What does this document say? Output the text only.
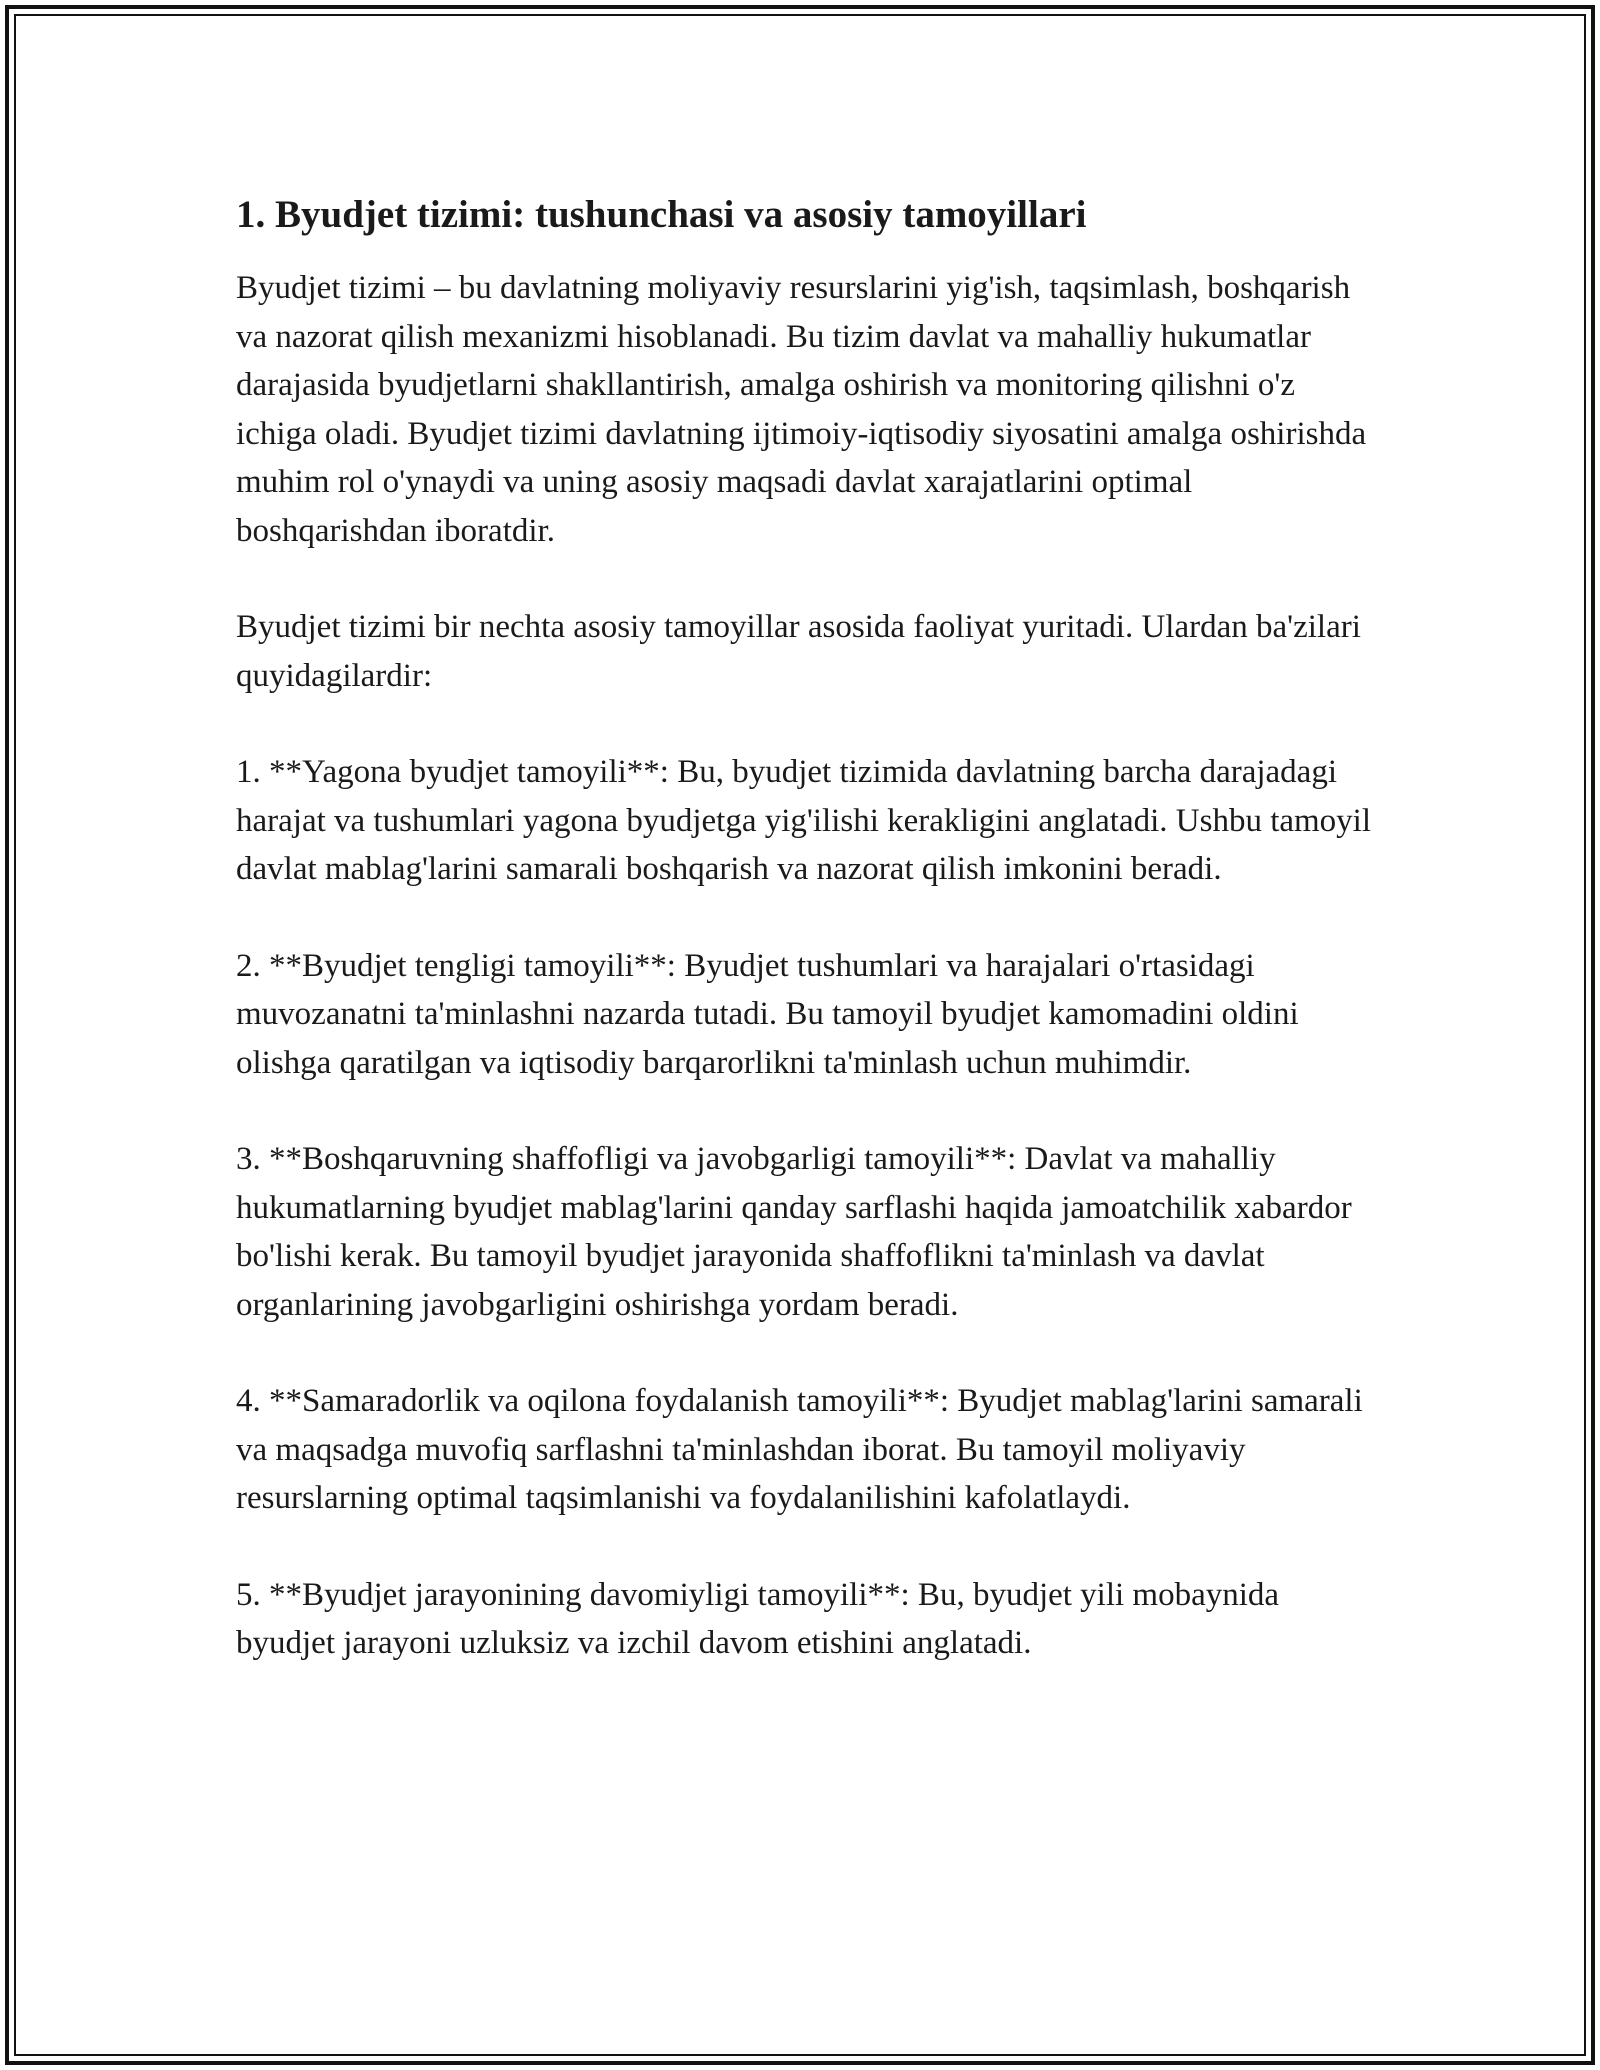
1. Byudjet tizimi: tushunchasi va asosiy tamoyillari

Byudjet tizimi – bu davlatning moliyaviy resurslarini yig'ish, taqsimlash, boshqarish va nazorat qilish mexanizmi hisoblanadi. Bu tizim davlat va mahalliy hukumatlar darajasida byudjetlarni shakllantirish, amalga oshirish va monitoring qilishni o'z ichiga oladi. Byudjet tizimi davlatning ijtimoiy-iqtisodiy siyosatini amalga oshirishda muhim rol o'ynaydi va uning asosiy maqsadi davlat xarajatlarini optimal boshqarishdan iboratdir.

Byudjet tizimi bir nechta asosiy tamoyillar asosida faoliyat yuritadi. Ulardan ba'zilari quyidagilardir:

1. **Yagona byudjet tamoyili**: Bu, byudjet tizimida davlatning barcha darajadagi harajat va tushumlari yagona byudjetga yig'ilishi kerakligini anglatadi. Ushbu tamoyil davlat mablag'larini samarali boshqarish va nazorat qilish imkonini beradi.

2. **Byudjet tengligi tamoyili**: Byudjet tushumlari va harajalari o'rtasidagi muvozanatni ta'minlashni nazarda tutadi. Bu tamoyil byudjet kamomadini oldini olishga qaratilgan va iqtisodiy barqarorlikni ta'minlash uchun muhimdir.

3. **Boshqaruvning shaffofligi va javobgarligi tamoyili**: Davlat va mahalliy hukumatlarning byudjet mablag'larini qanday sarflashi haqida jamoatchilik xabardor bo'lishi kerak. Bu tamoyil byudjet jarayonida shaffoflikni ta'minlash va davlat organlarining javobgarligini oshirishga yordam beradi.

4. **Samaradorlik va oqilona foydalanish tamoyili**: Byudjet mablag'larini samarali va maqsadga muvofiq sarflashni ta'minlashdan iborat. Bu tamoyil moliyaviy resurslarning optimal taqsimlanishi va foydalanilishini kafolatlaydi.

5. **Byudjet jarayonining davomiyligi tamoyili**: Bu, byudjet yili mobaynida byudjet jarayoni uzluksiz va izchil davom etishini anglatadi.
